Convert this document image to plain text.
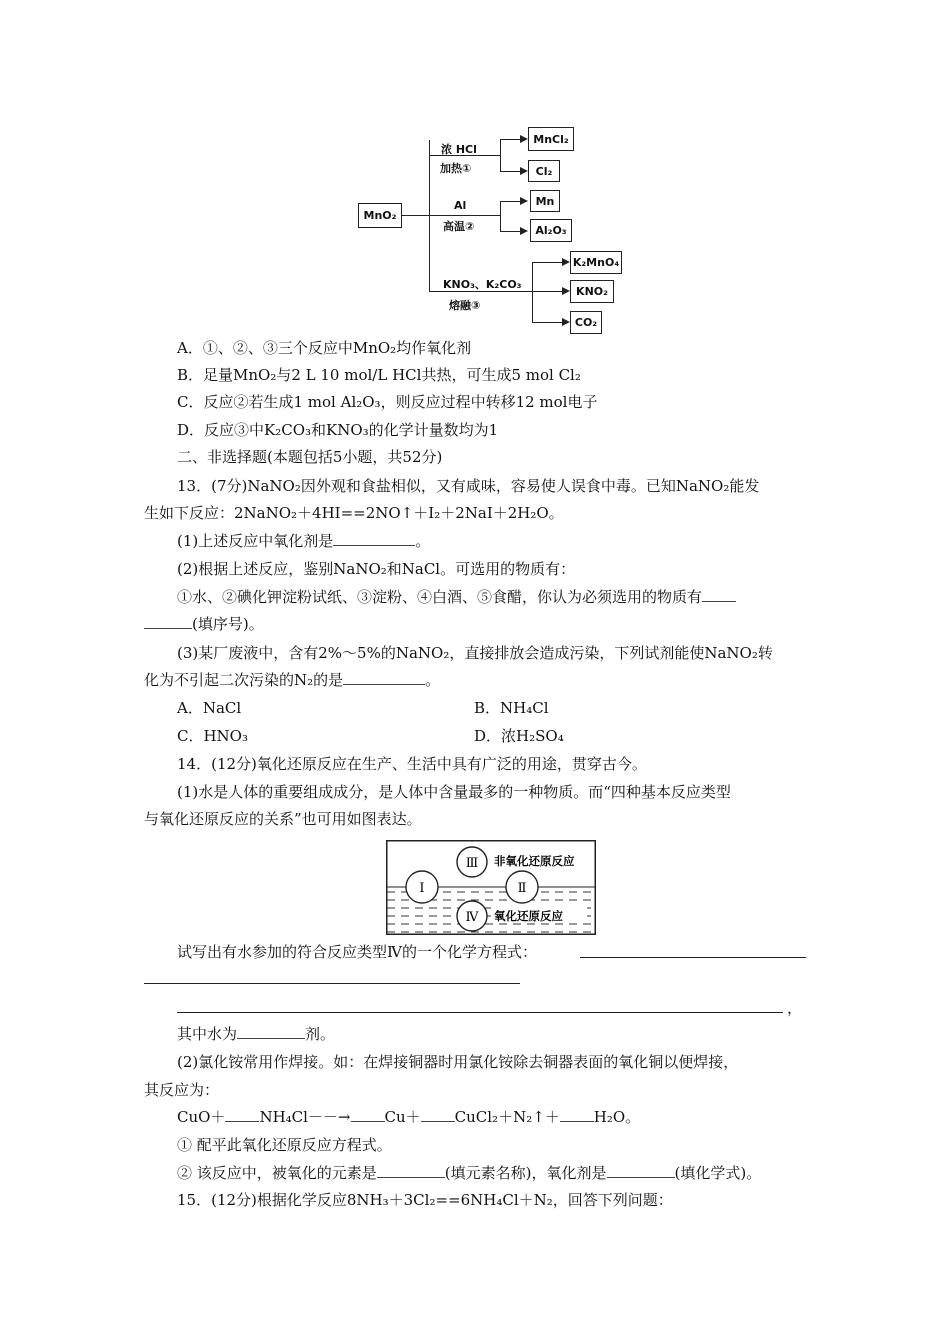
MnO₂
浓 HCl
加热①
MnCl₂
Cl₂
Al
高温②
Mn
Al₂O₃
KNO₃、K₂CO₃
熔融③
K₂MnO₄
KNO₂
CO₂
A．①、②、③三个反应中MnO₂均作氧化剂
B．足量MnO₂与2 L 10 mol/L HCl共热，可生成5 mol Cl₂
C．反应②若生成1 mol Al₂O₃，则反应过程中转移12 mol电子
D．反应③中K₂CO₃和KNO₃的化学计量数均为1
二、非选择题(本题包括5小题，共52分)
13．(7分)NaNO₂因外观和食盐相似，又有咸味，容易使人误食中毒。已知NaNO₂能发
生如下反应：2NaNO₂＋4HI==2NO↑＋I₂＋2NaI＋2H₂O。
(1)上述反应中氧化剂是	。
(2)根据上述反应，鉴别NaNO₂和NaCl。可选用的物质有：
①水、②碘化钾淀粉试纸、③淀粉、④白酒、⑤食醋，你认为必须选用的物质有
(填序号)。
(3)某厂废液中，含有2%～5%的NaNO₂，直接排放会造成污染，下列试剂能使NaNO₂转
化为不引起二次污染的N₂的是	。
A．NaCl	B．NH₄Cl
C．HNO₃	D．浓H₂SO₄
14．(12分)氧化还原反应在生产、生活中具有广泛的用途，贯穿古今。
(1)水是人体的重要组成成分，是人体中含量最多的一种物质。而“四种基本反应类型
与氧化还原反应的关系”也可用如图表达。
Ⅲ
Ⅰ	Ⅱ
Ⅳ
非氧化还原反应
氧化还原反应
试写出有水参加的符合反应类型Ⅳ的一个化学方程式：
，
其中水为	剂。
(2)氯化铵常用作焊接。如：在焊接铜器时用氯化铵除去铜器表面的氧化铜以便焊接，
其反应为：
CuO＋ NH₄Cl－－→ Cu＋ CuCl₂＋N₂↑＋ H₂O。
① 配平此氧化还原反应方程式。
② 该反应中，被氧化的元素是	(填元素名称)，氧化剂是	(填化学式)。
15．(12分)根据化学反应8NH₃＋3Cl₂==6NH₄Cl＋N₂，回答下列问题：
